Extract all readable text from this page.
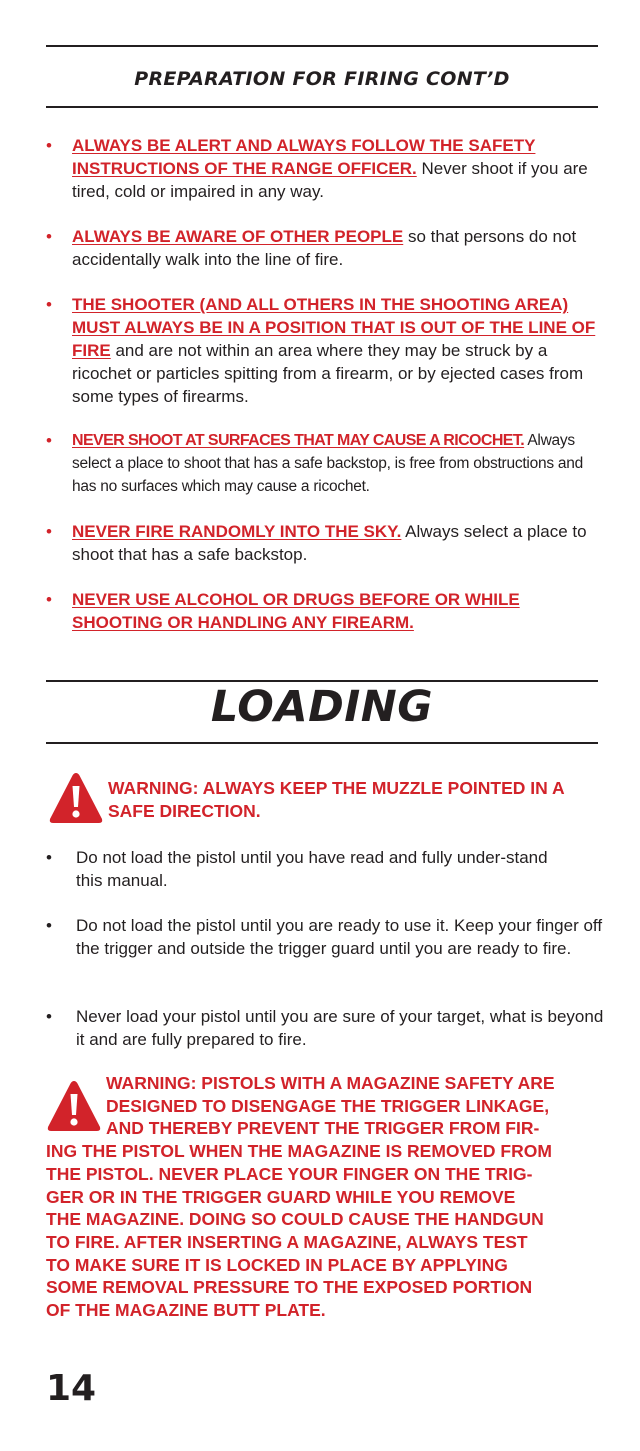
PREPARATION FOR FIRING CONT’D
• ALWAYS BE ALERT AND ALWAYS FOLLOW THE SAFETY INSTRUCTIONS OF THE RANGE OFFICER. Never shoot if you are tired, cold or impaired in any way.
• ALWAYS BE AWARE OF OTHER PEOPLE so that persons do not accidentally walk into the line of fire.
• THE SHOOTER (AND ALL OTHERS IN THE SHOOTING AREA) MUST ALWAYS BE IN A POSITION THAT IS OUT OF THE LINE OF FIRE and are not within an area where they may be struck by a ricochet or particles spitting from a firearm, or by ejected cases from some types of firearms.
• NEVER SHOOT AT SURFACES THAT MAY CAUSE A RICOCHET. Always select a place to shoot that has a safe backstop, is free from obstructions and has no surfaces which may cause a ricochet.
• NEVER FIRE RANDOMLY INTO THE SKY. Always select a place to shoot that has a safe backstop.
• NEVER USE ALCOHOL OR DRUGS BEFORE OR WHILE SHOOTING OR HANDLING ANY FIREARM.
LOADING
WARNING: ALWAYS KEEP THE MUZZLE POINTED IN A SAFE DIRECTION.
• Do not load the pistol until you have read and fully under-stand this manual.
• Do not load the pistol until you are ready to use it. Keep your finger off the trigger and outside the trigger guard until you are ready to fire.
• Never load your pistol until you are sure of your target, what is beyond it and are fully prepared to fire.
WARNING: PISTOLS WITH A MAGAZINE SAFETY ARE
DESIGNED TO DISENGAGE THE TRIGGER LINKAGE,
AND THEREBY PREVENT THE TRIGGER FROM FIR-
ING THE PISTOL WHEN THE MAGAZINE IS REMOVED FROM
THE PISTOL. NEVER PLACE YOUR FINGER ON THE TRIG-
GER OR IN THE TRIGGER GUARD WHILE YOU REMOVE
THE MAGAZINE. DOING SO COULD CAUSE THE HANDGUN
TO FIRE. AFTER INSERTING A MAGAZINE, ALWAYS TEST
TO MAKE SURE IT IS LOCKED IN PLACE BY APPLYING
SOME REMOVAL PRESSURE TO THE EXPOSED PORTION
OF THE MAGAZINE BUTT PLATE.
14
